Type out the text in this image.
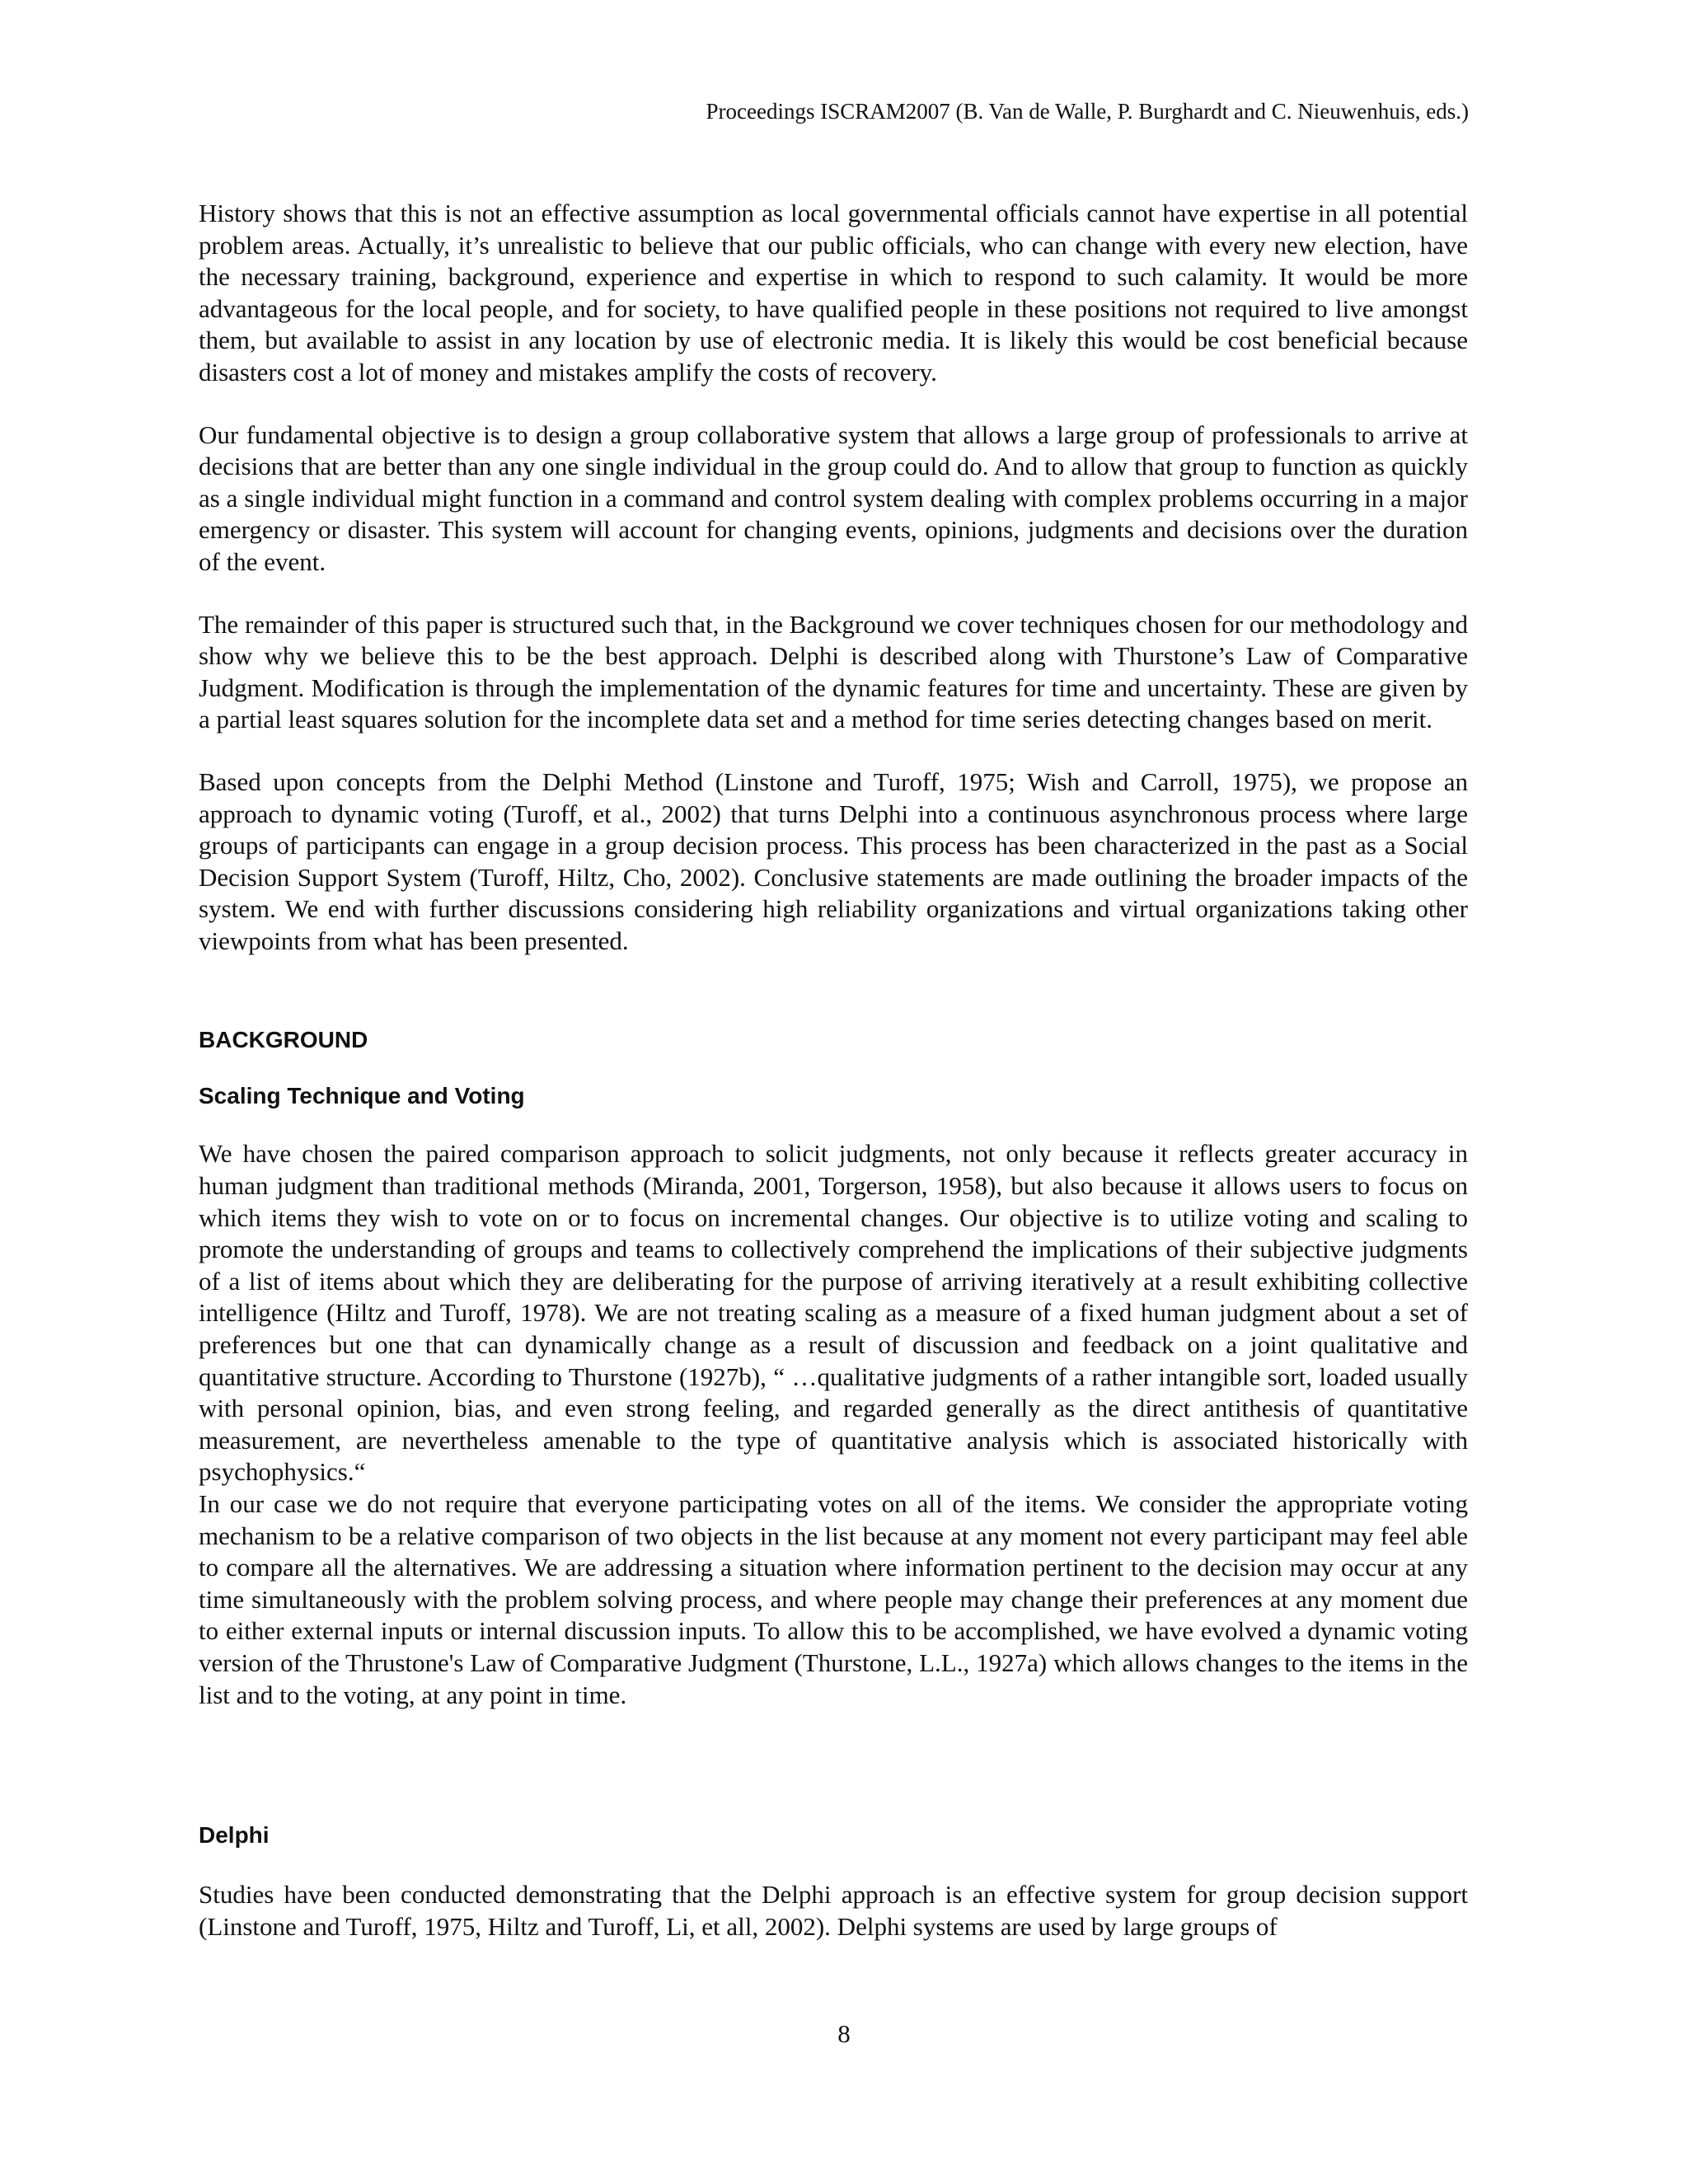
Proceedings ISCRAM2007 (B. Van de Walle, P. Burghardt and C. Nieuwenhuis, eds.)

History shows that this is not an effective assumption as local governmental officials cannot have expertise in all potential problem areas. Actually, it’s unrealistic to believe that our public officials, who can change with every new election, have the necessary training, background, experience and expertise in which to respond to such calamity. It would be more advantageous for the local people, and for society, to have qualified people in these positions not required to live amongst them, but available to assist in any location by use of electronic media. It is likely this would be cost beneficial because disasters cost a lot of money and mistakes amplify the costs of recovery.

Our fundamental objective is to design a group collaborative system that allows a large group of professionals to arrive at decisions that are better than any one single individual in the group could do. And to allow that group to function as quickly as a single individual might function in a command and control system dealing with complex problems occurring in a major emergency or disaster. This system will account for changing events, opinions, judgments and decisions over the duration of the event.

The remainder of this paper is structured such that, in the Background we cover techniques chosen for our methodology and show why we believe this to be the best approach. Delphi is described along with Thurstone’s Law of Comparative Judgment. Modification is through the implementation of the dynamic features for time and uncertainty. These are given by a partial least squares solution for the incomplete data set and a method for time series detecting changes based on merit.

Based upon concepts from the Delphi Method (Linstone and Turoff, 1975; Wish and Carroll, 1975), we propose an approach to dynamic voting (Turoff, et al., 2002) that turns Delphi into a continuous asynchronous process where large groups of participants can engage in a group decision process. This process has been characterized in the past as a Social Decision Support System (Turoff, Hiltz, Cho, 2002). Conclusive statements are made outlining the broader impacts of the system. We end with further discussions considering high reliability organizations and virtual organizations taking other viewpoints from what has been presented.

BACKGROUND
Scaling Technique and Voting

We have chosen the paired comparison approach to solicit judgments, not only because it reflects greater accuracy in human judgment than traditional methods (Miranda, 2001, Torgerson, 1958), but also because it allows users to focus on which items they wish to vote on or to focus on incremental changes. Our objective is to utilize voting and scaling to promote the understanding of groups and teams to collectively comprehend the implications of their subjective judgments of a list of items about which they are deliberating for the purpose of arriving iteratively at a result exhibiting collective intelligence (Hiltz and Turoff, 1978). We are not treating scaling as a measure of a fixed human judgment about a set of preferences but one that can dynamically change as a result of discussion and feedback on a joint qualitative and quantitative structure. According to Thurstone (1927b), “ …qualitative judgments of a rather intangible sort, loaded usually with personal opinion, bias, and even strong feeling, and regarded generally as the direct antithesis of quantitative measurement, are nevertheless amenable to the type of quantitative analysis which is associated historically with psychophysics.“

In our case we do not require that everyone participating votes on all of the items. We consider the appropriate voting mechanism to be a relative comparison of two objects in the list because at any moment not every participant may feel able to compare all the alternatives. We are addressing a situation where information pertinent to the decision may occur at any time simultaneously with the problem solving process, and where people may change their preferences at any moment due to either external inputs or internal discussion inputs. To allow this to be accomplished, we have evolved a dynamic voting version of the Thrustone's Law of Comparative Judgment (Thurstone, L.L., 1927a) which allows changes to the items in the list and to the voting, at any point in time.

Delphi

Studies have been conducted demonstrating that the Delphi approach is an effective system for group decision support (Linstone and Turoff, 1975, Hiltz and Turoff, Li, et all, 2002). Delphi systems are used by large groups of

8
